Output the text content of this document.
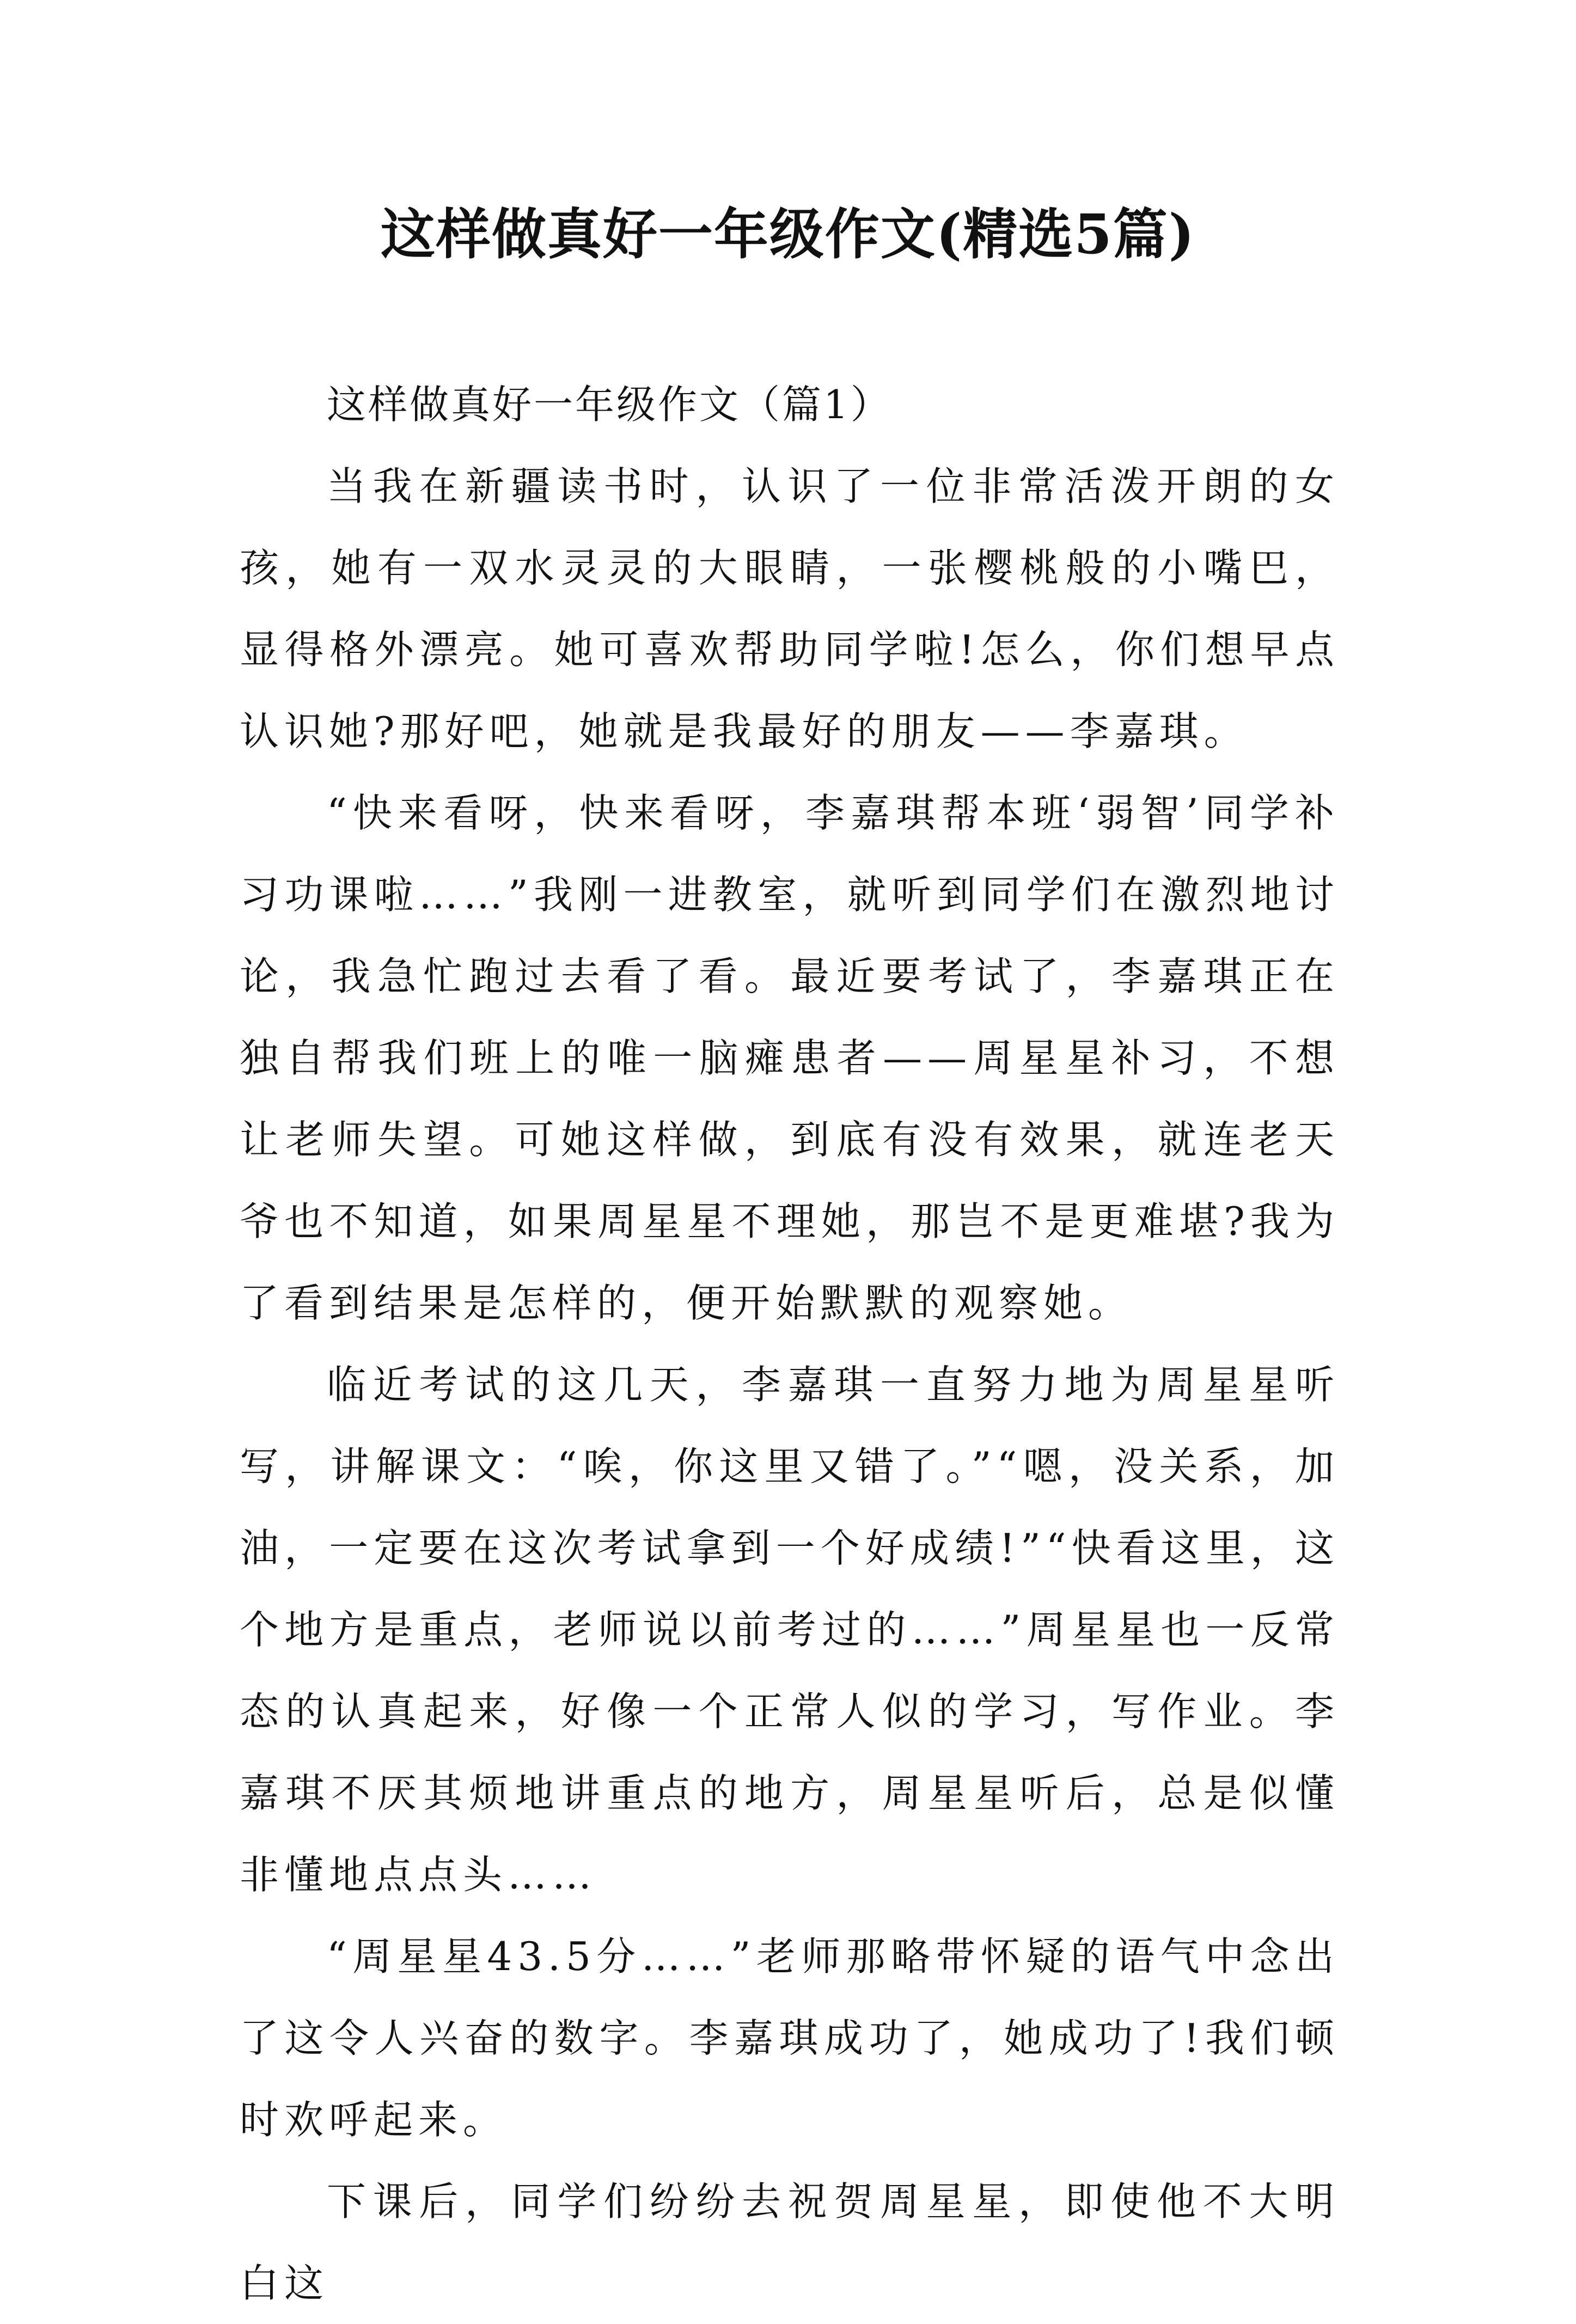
这样做真好一年级作文(精选5篇)
这样做真好一年级作文（篇1）

当我在新疆读书时，认识了一位非常活泼开朗的女孩，她有一双水灵灵的大眼睛，一张樱桃般的小嘴巴，显得格外漂亮。她可喜欢帮助同学啦!怎么，你们想早点认识她?那好吧，她就是我最好的朋友——李嘉琪。

“快来看呀，快来看呀，李嘉琪帮本班‘弱智’同学补习功课啦……”我刚一进教室，就听到同学们在激烈地讨论，我急忙跑过去看了看。最近要考试了，李嘉琪正在独自帮我们班上的唯一脑瘫患者——周星星补习，不想让老师失望。可她这样做，到底有没有效果，就连老天爷也不知道，如果周星星不理她，那岂不是更难堪?我为了看到结果是怎样的，便开始默默的观察她。

临近考试的这几天，李嘉琪一直努力地为周星星听写，讲解课文：“唉，你这里又错了。”“嗯，没关系，加油，一定要在这次考试拿到一个好成绩!”“快看这里，这个地方是重点，老师说以前考过的……”周星星也一反常态的认真起来，好像一个正常人似的学习，写作业。李嘉琪不厌其烦地讲重点的地方，周星星听后，总是似懂非懂地点点头……

“周星星43.5分……”老师那略带怀疑的语气中念出了这令人兴奋的数字。李嘉琪成功了，她成功了!我们顿时欢呼起来。

下课后，同学们纷纷去祝贺周星星，即使他不大明白这
